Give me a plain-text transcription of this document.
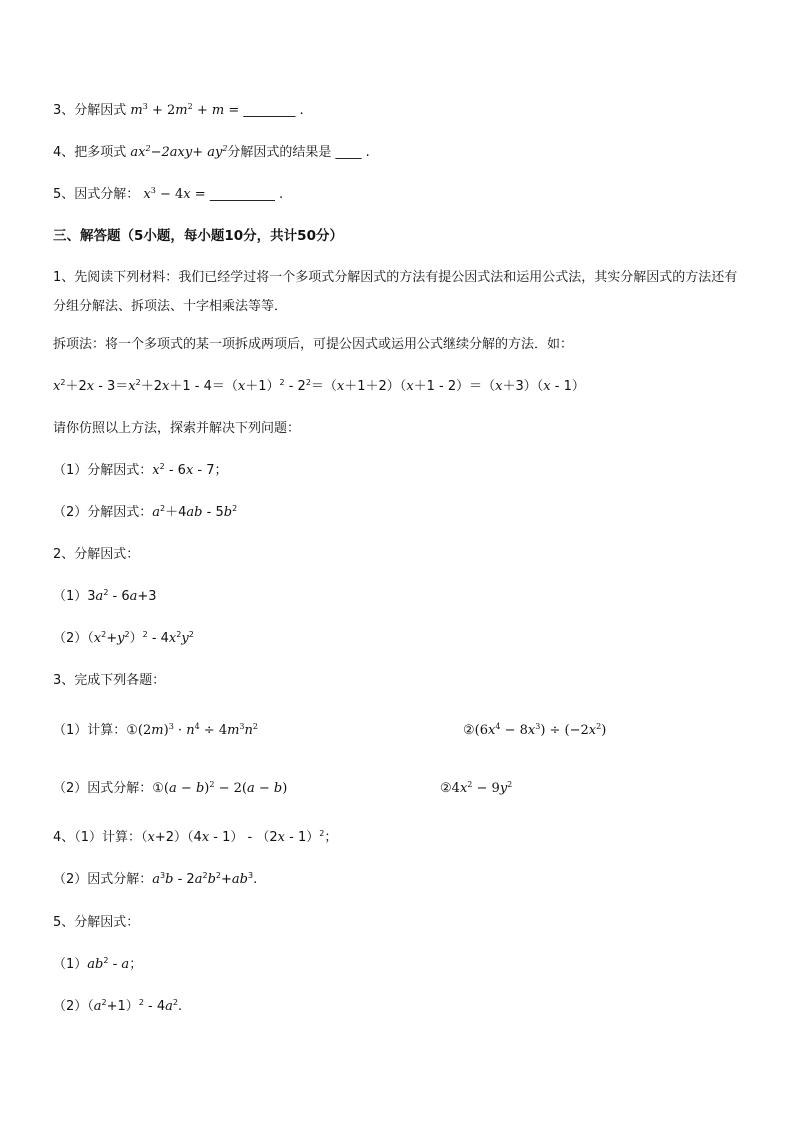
3、分解因式 $m^3 + 2m^2 + m$ = ________ .
4、把多项式 $ax^2-2axy+ ay^2$分解因式的结果是 ____ .
5、因式分解： $x^3 - 4x$ = __________ .
三、解答题（5小题，每小题10分，共计50分）
1、先阅读下列材料：我们已经学过将一个多项式分解因式的方法有提公因式法和运用公式法，其实分解因式的方法还有分组分解法、拆项法、十字相乘法等等．
拆项法：将一个多项式的某一项拆成两项后，可提公因式或运用公式继续分解的方法．如：
$x^2+2x - 3=x^2+2x+1 - 4=(x+1)^2 - 2^2=(x+1+2)(x+1 - 2)=(x+3)(x - 1)$
请你仿照以上方法，探索并解决下列问题：
（1）分解因式：$x^2 - 6x - 7$；
（2）分解因式：$a^2+4ab - 5b^2$
2、分解因式：
$(1)3a^2 - 6a+3$
$(2)(x^2+y^2)^2 - 4x^2y^2$
3、完成下列各题：
（1）计算：$①(2m)^3 \cdot n^4 \div 4m^3n^2$	$②(6x^4 - 8x^3) \div (-2x^2)$
（2）因式分解：①(a − b)$^2$ − 2(a − b)	$②4x^2 - 9y^2$
4、（1）计算：（x+2）（4x - 1） - （2x - 1）$^2$；
（2）因式分解：$a^3b - 2a^2b^2+ab^3$.
5、分解因式：
$(1)ab^2$ - a；
$(2)(a^2+1)^2 - 4a^2$.
